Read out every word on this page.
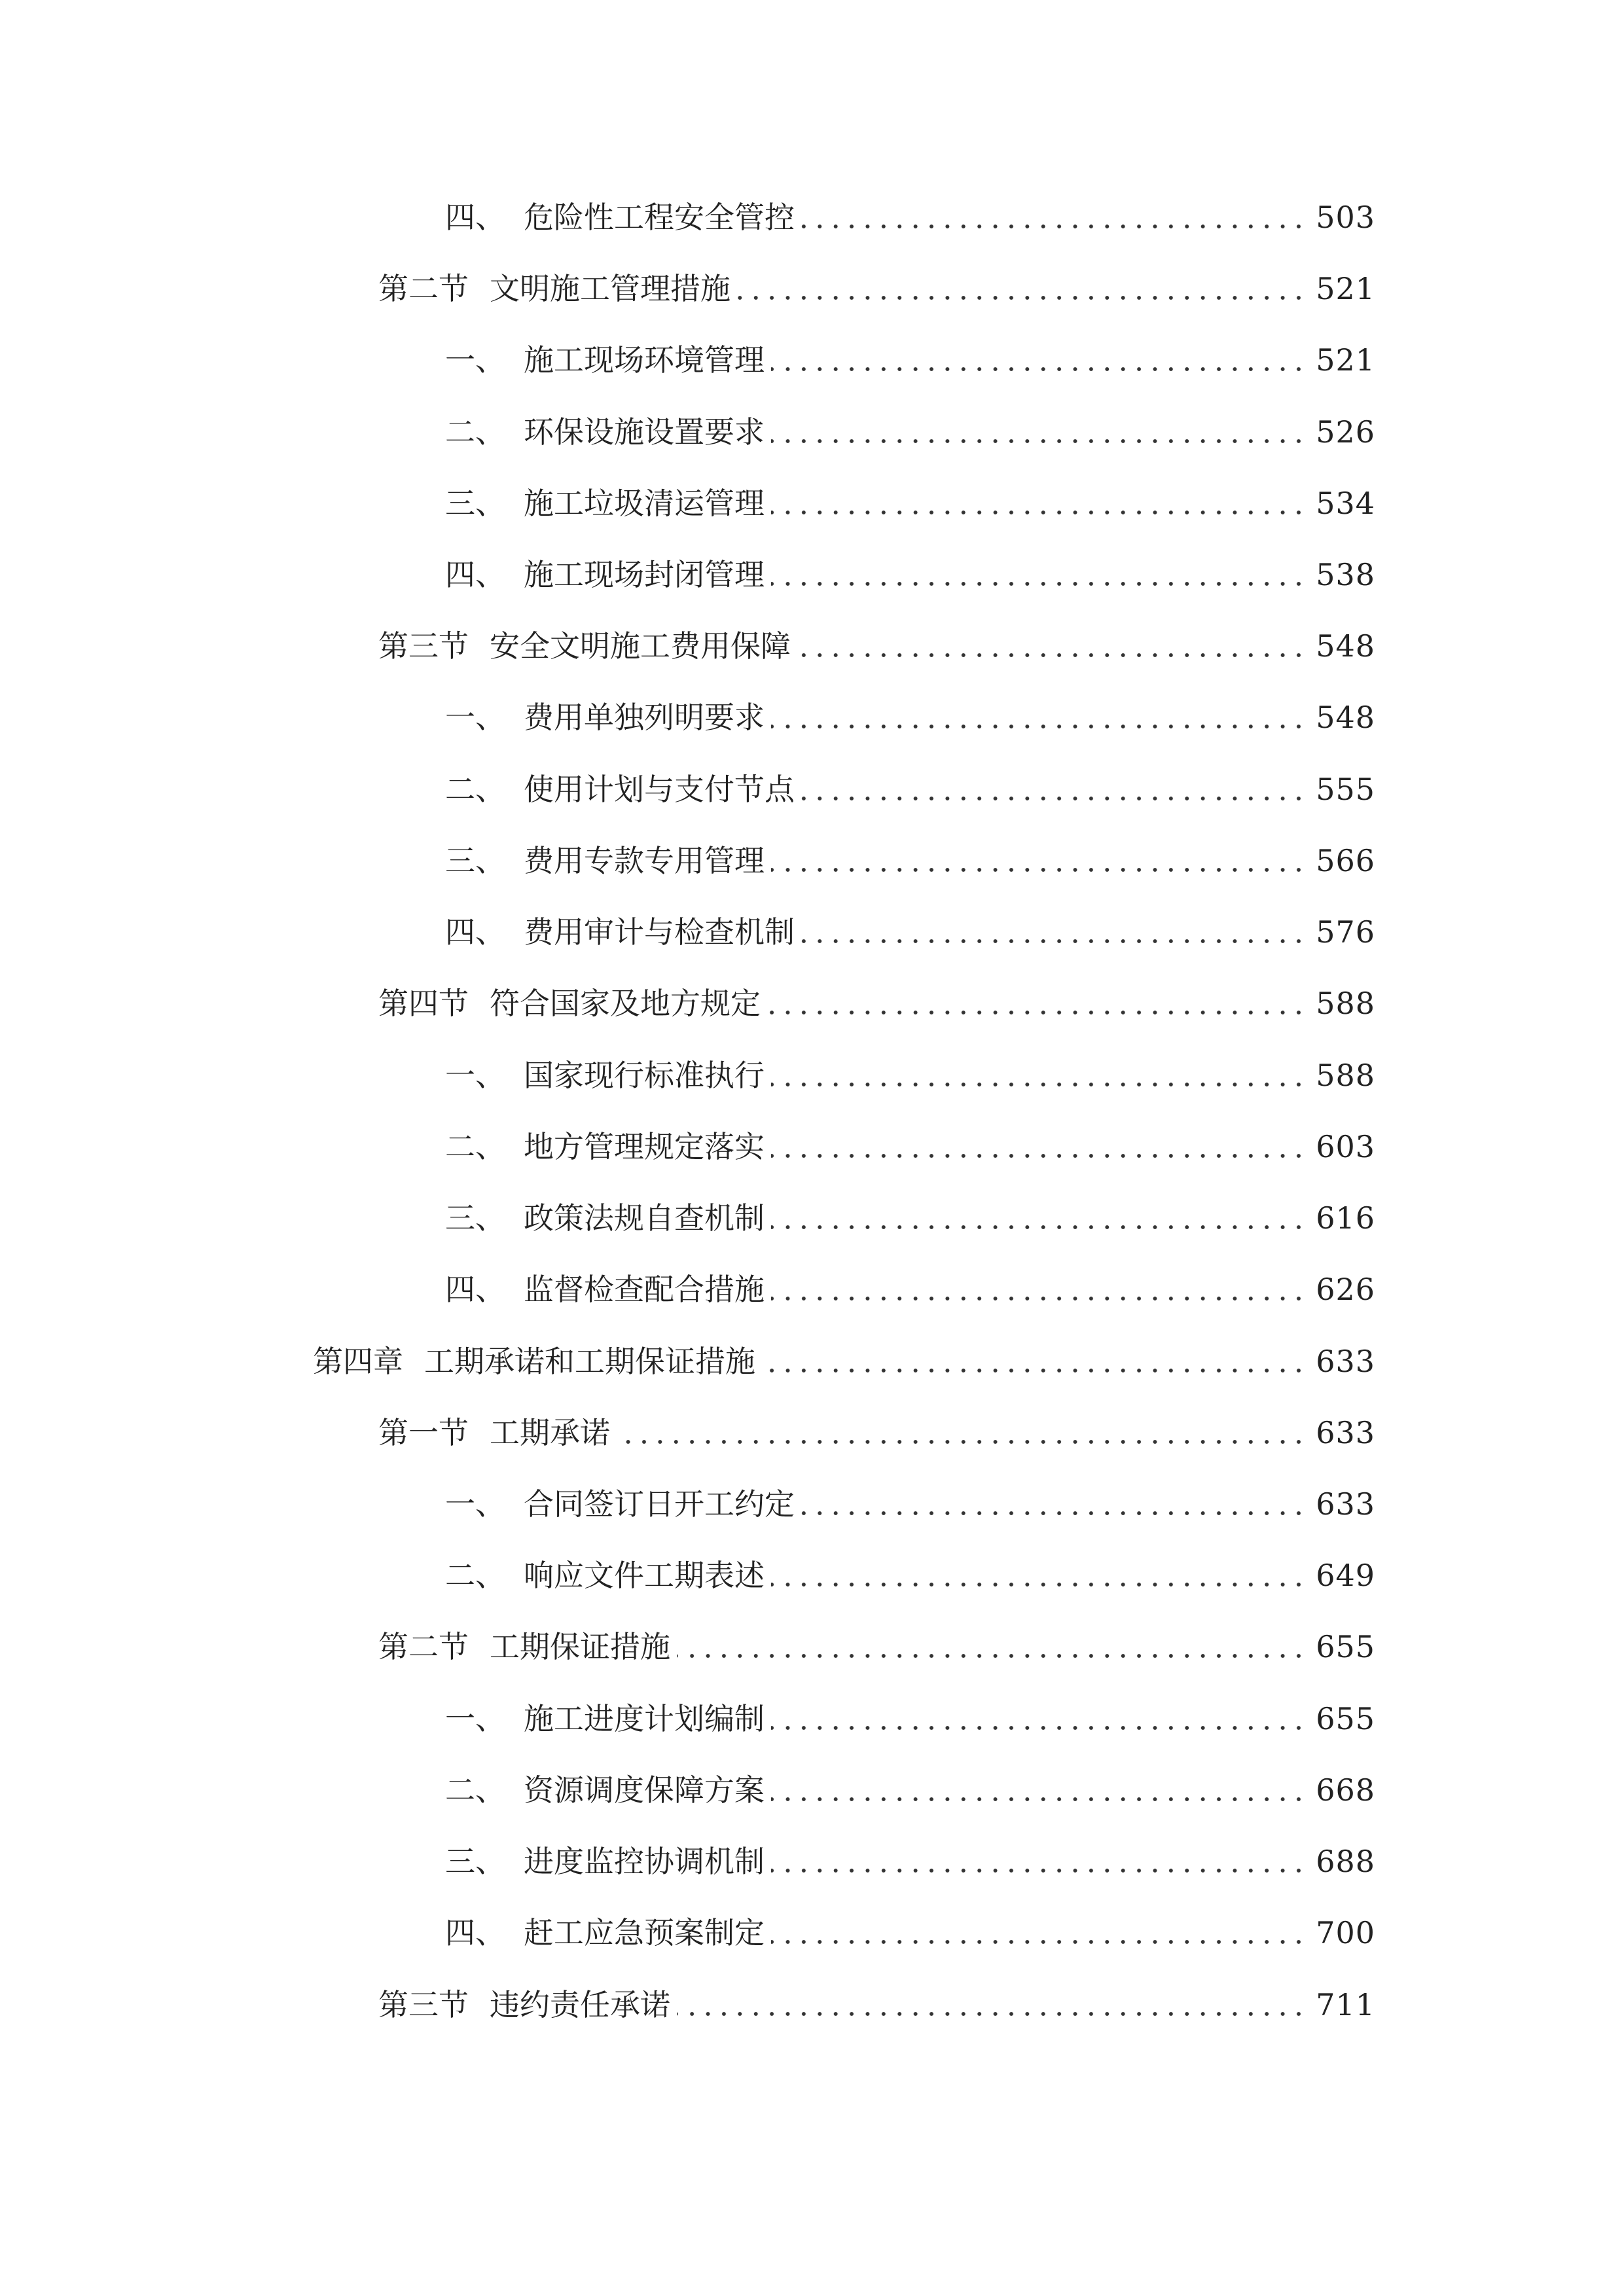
四、 危险性工程安全管控	503
第二节 文明施工管理措施	521
一、 施工现场环境管理	521
二、 环保设施设置要求	526
三、 施工垃圾清运管理	534
四、 施工现场封闭管理	538
第三节 安全文明施工费用保障	548
一、 费用单独列明要求	548
二、 使用计划与支付节点	555
三、 费用专款专用管理	566
四、 费用审计与检查机制	576
第四节 符合国家及地方规定	588
一、 国家现行标准执行	588
二、 地方管理规定落实	603
三、 政策法规自查机制	616
四、 监督检查配合措施	626
第四章 工期承诺和工期保证措施	633
第一节 工期承诺	633
一、 合同签订日开工约定	633
二、 响应文件工期表述	649
第二节 工期保证措施	655
一、 施工进度计划编制	655
二、 资源调度保障方案	668
三、 进度监控协调机制	688
四、 赶工应急预案制定	700
第三节 违约责任承诺	711
